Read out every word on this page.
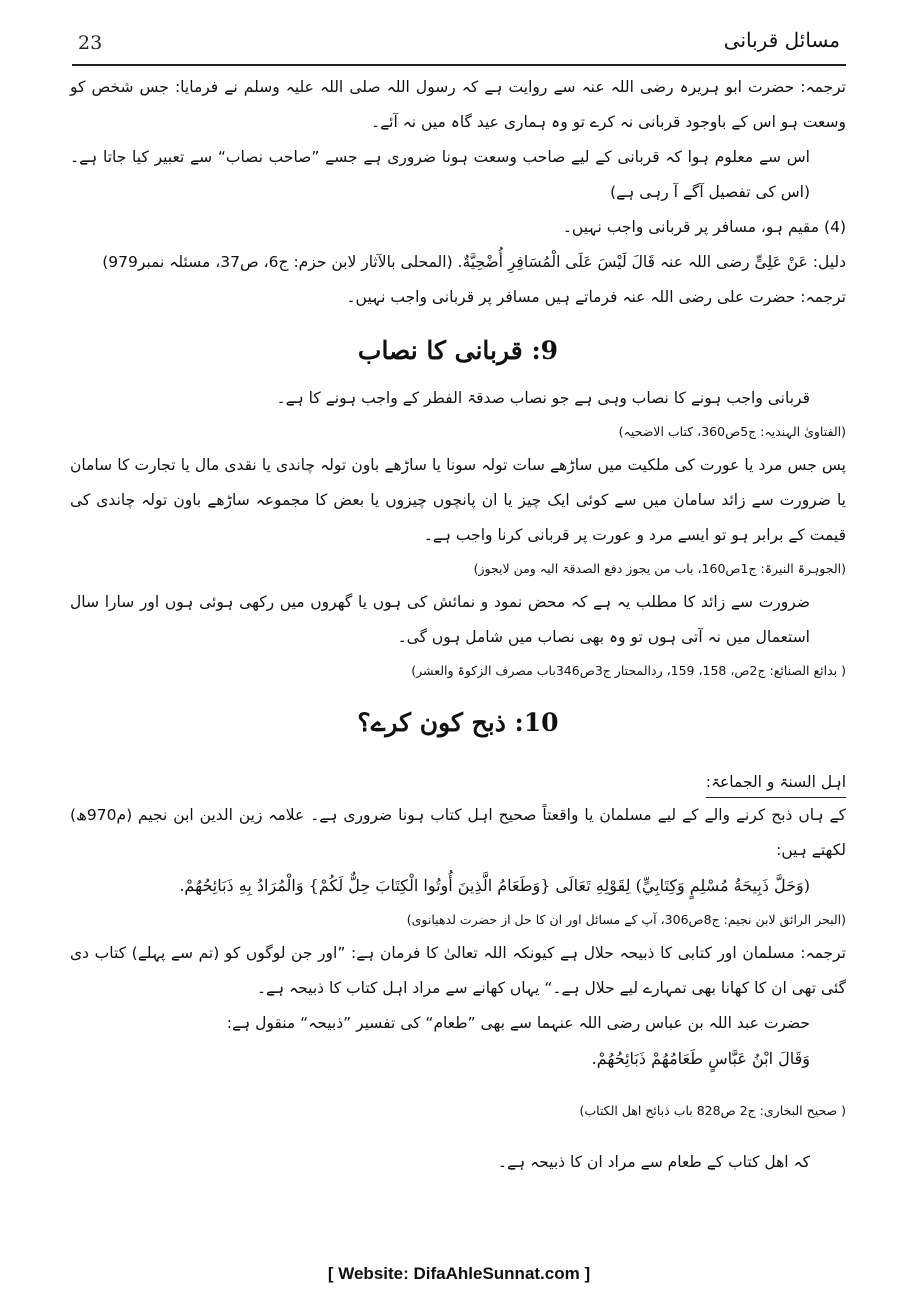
23	مسائل قربانی

ترجمہ: حضرت ابو ہریرہ رضی اللہ عنہ سے روایت ہے کہ رسول اللہ صلی اللہ علیہ وسلم نے فرمایا: جس شخص کو وسعت ہو اس کے باوجود قربانی نہ کرے تو وہ ہماری عید گاہ میں نہ آئے۔

اس سے معلوم ہوا کہ قربانی کے لیے صاحب وسعت ہونا ضروری ہے جسے ”صاحب نصاب“ سے تعبیر کیا جاتا ہے۔(اس کی تفصیل آگے آ رہی ہے)

(4) مقیم ہو، مسافر پر قربانی واجب نہیں۔

دلیل: عَنْ عَلِیٍّ رضی اللہ عنہ قَالَ لَيْسَ عَلَى الْمُسَافِرِ أُضْحِيَّةٌ. (المحلی بالآثار لابن حزم: ج6، ص37، مسئلہ نمبر979)

ترجمہ: حضرت علی رضی اللہ عنہ فرماتے ہیں مسافر پر قربانی واجب نہیں۔

9: قربانی کا نصاب

قربانی واجب ہونے کا نصاب وہی ہے جو نصاب صدقۃ الفطر کے واجب ہونے کا ہے۔

(الفتاویٰ الہندیہ: ج5ص360، کتاب الاضحیہ)

پس جس مرد یا عورت کی ملکیت میں ساڑھے سات تولہ سونا یا ساڑھے باون تولہ چاندی یا نقدی مال یا تجارت کا سامان یا ضرورت سے زائد سامان میں سے کوئی ایک چیز یا ان پانچوں چیزوں یا بعض کا مجموعہ ساڑھے باون تولہ چاندی کی قیمت کے برابر ہو تو ایسے مرد و عورت پر قربانی کرنا واجب ہے۔

(الجوہرۃ النیرۃ: ج1ص160، باب من یجوز دفع الصدقۃ الیہ ومن لایجوز)

ضرورت سے زائد کا مطلب یہ ہے کہ محض نمود و نمائش کی ہوں یا گھروں میں رکھی ہوئی ہوں اور سارا سال استعمال میں نہ آتی ہوں تو وہ بھی نصاب میں شامل ہوں گی۔

( بدائع الصنائع: ج2ص، 158، 159، ردالمحتار ج3ص346باب مصرف الزکوۃ والعشر)

10: ذبح کون کرے؟
اہل السنۃ و الجماعۃ:

کے ہاں ذبح کرنے والے کے لیے مسلمان یا واقعتاً صحیح اہل کتاب ہونا ضروری ہے۔ علامہ زین الدین ابن نجیم (م970ھ) لکھتے ہیں:

(وَحَلَّ ذَبِيحَةُ مُسْلِمٍ وَكِتَابِيٍّ) لِقَوْلِهِ تَعَالَى {وَطَعَامُ الَّذِينَ أُوتُوا الْكِتَابَ حِلٌّ لَكُمْ} وَالْمُرَادُ بِهِ ذَبَائِحُهُمْ.

(البحر الرائق لابن نجیم: ج8ص306، آپ کے مسائل اور ان کا حل از حضرت لدھیانوی)

ترجمہ: مسلمان اور کتابی کا ذبیحہ حلال ہے کیونکہ اللہ تعالیٰ کا فرمان ہے: ”اور جن لوگوں کو (تم سے پہلے) کتاب دی گئی تھی ان کا کھانا بھی تمہارے لیے حلال ہے۔“ یہاں کھانے سے مراد اہل کتاب کا ذبیحہ ہے۔

حضرت عبد اللہ بن عباس رضی اللہ عنہما سے بھی ”طعام“ کی تفسیر ”ذبیحہ“ منقول ہے:

وَقَالَ ابْنُ عَبَّاسٍ طَعَامُهُمْ ذَبَائِحُهُمْ.

( صحیح البخاری: ج2 ص828 باب ذبائح اھل الکتاب)

کہ اھل کتاب کے طعام سے مراد ان کا ذبیحہ ہے۔

[ Website: DifaAhleSunnat.com ]
